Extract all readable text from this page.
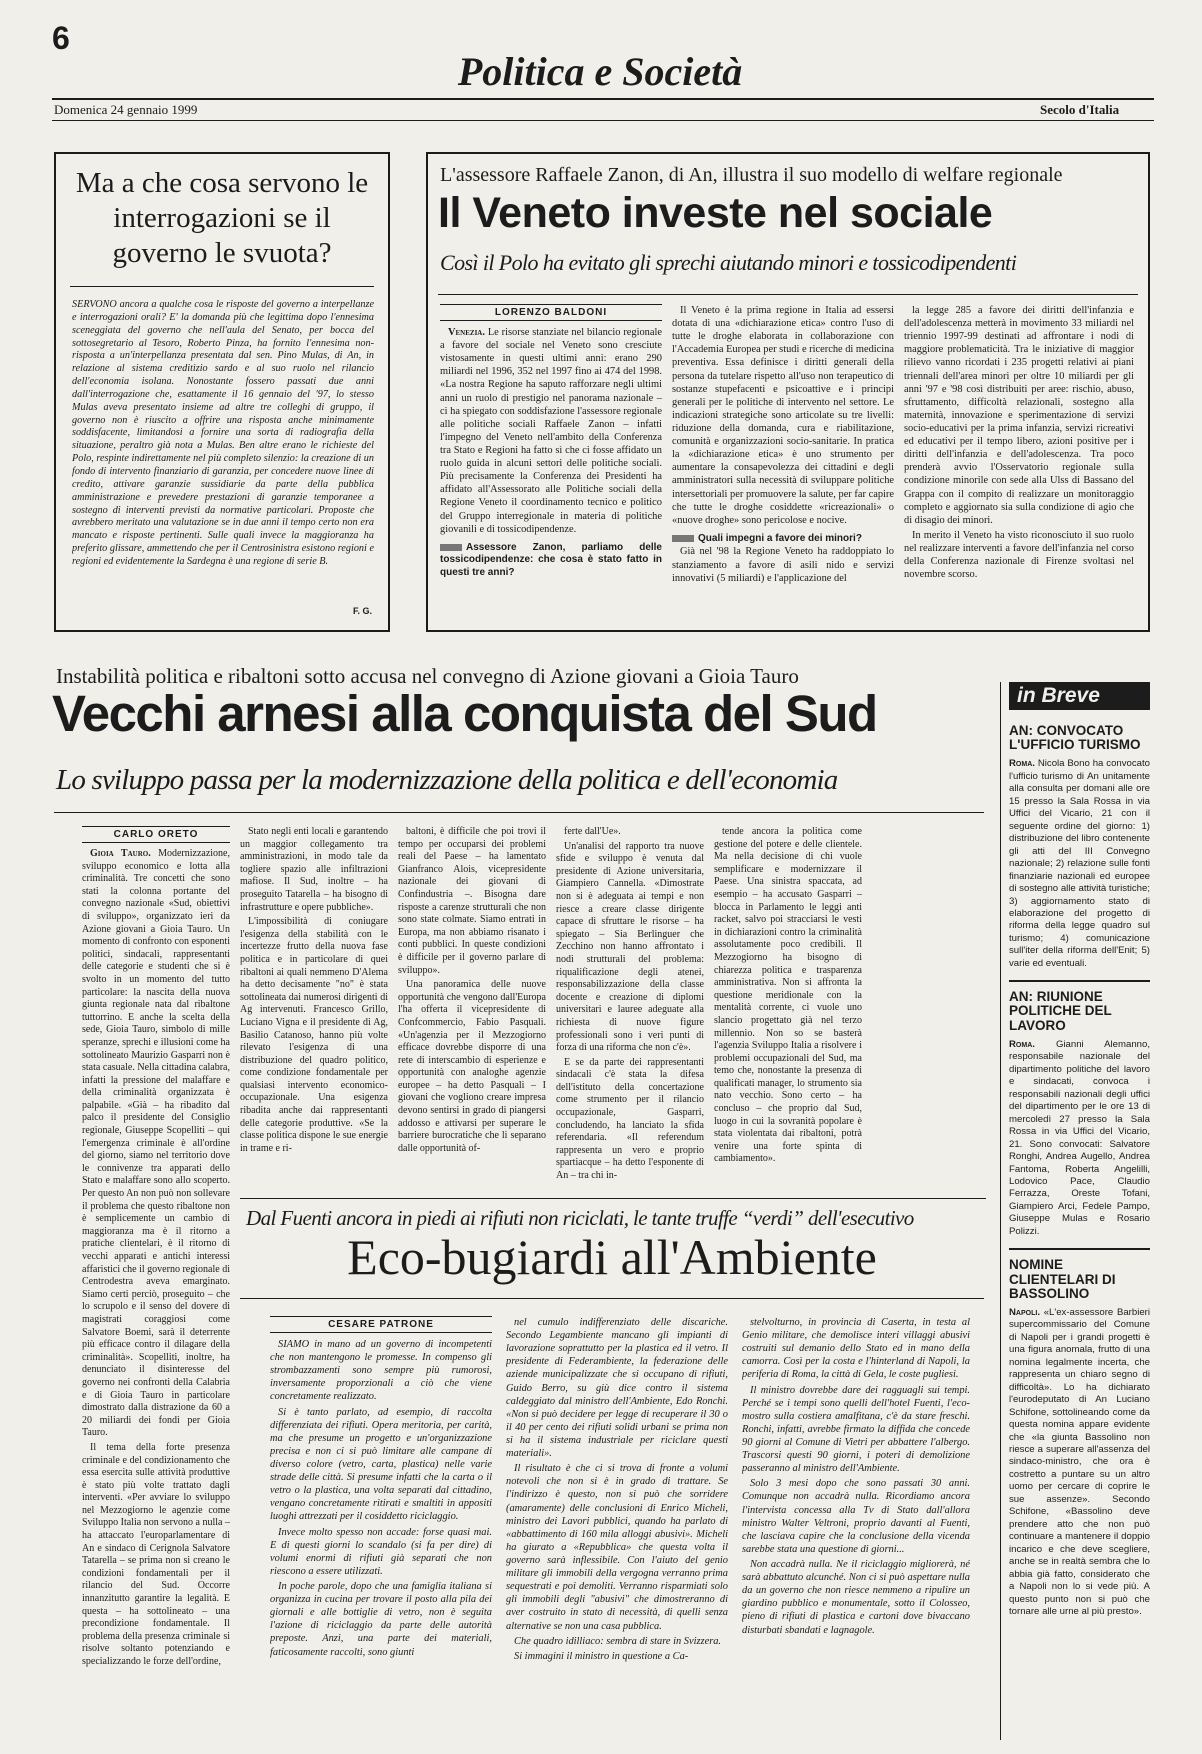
6
Politica e Società
Domenica 24 gennaio 1999	Secolo d'Italia
Ma a che cosa servono le interrogazioni se il governo le svuota?
SERVONO ancora a qualche cosa le risposte del governo a interpellanze e interrogazioni orali? E' la domanda più che legittima dopo l'ennesima sceneggiata del governo che nell'aula del Senato, per bocca del sottosegretario al Tesoro, Roberto Pinza, ha fornito l'ennesima non-risposta a un'interpellanza presentata dal sen. Pino Mulas, di An, in relazione al sistema creditizio sardo e al suo ruolo nel rilancio dell'economia isolana. Nonostante fossero passati due anni dall'interrogazione che, esattamente il 16 gennaio del '97, lo stesso Mulas aveva presentato insieme ad altre tre colleghi di gruppo, il governo non è riuscito a offrire una risposta anche minimamente soddisfacente, limitandosi a fornire una sorta di radiografia della situazione, peraltro già nota a Mulas. Ben altre erano le richieste del Polo, respinte indirettamente nel più completo silenzio: la creazione di un fondo di intervento finanziario di garanzia, per concedere nuove linee di credito, attivare garanzie sussidiarie da parte della pubblica amministrazione e prevedere prestazioni di garanzie temporanee a sostegno di interventi previsti da normative particolari. Proposte che avrebbero meritato una valutazione se in due anni il tempo certo non era mancato e risposte pertinenti. Sulle quali invece la maggioranza ha preferito glissare, ammettendo che per il Centrosinistra esistono regioni e regioni ed evidentemente la Sardegna è una regione di serie B.
F. G.
L'assessore Raffaele Zanon, di An, illustra il suo modello di welfare regionale
Il Veneto investe nel sociale
Così il Polo ha evitato gli sprechi aiutando minori e tossicodipendenti
LORENZO BALDONI

Venezia. Le risorse stanziate nel bilancio regionale a favore del sociale nel Veneto sono cresciute vistosamente in questi ultimi anni: erano 290 miliardi nel 1996, 352 nel 1997 fino ai 474 del 1998. «La nostra Regione ha saputo rafforzare negli ultimi anni un ruolo di prestigio nel panorama nazionale – ci ha spiegato con soddisfazione l'assessore regionale alle politiche sociali Raffaele Zanon – infatti l'impegno del Veneto nell'ambito della Conferenza tra Stato e Regioni ha fatto sì che ci fosse affidato un ruolo guida in alcuni settori delle politiche sociali. Più precisamente la Conferenza dei Presidenti ha affidato all'Assessorato alle Politiche sociali della Regione Veneto il coordinamento tecnico e politico del Gruppo interregionale in materia di politiche giovanili e di tossicodipendenze.

Assessore Zanon, parliamo delle tossicodipendenze: che cosa è stato fatto in questi tre anni?

Il Veneto è la prima regione in Italia ad essersi dotata di una «dichiarazione etica» contro l'uso di tutte le droghe elaborata in collaborazione con l'Accademia Europea per studi e ricerche di medicina preventiva. Essa definisce i diritti generali della persona da tutelare rispetto all'uso non terapeutico di sostanze stupefacenti e psicoattive e i principi generali per le politiche di intervento nel settore. Le indicazioni strategiche sono articolate su tre livelli: riduzione della domanda, cura e riabilitazione, comunità e organizzazioni socio-sanitarie. In pratica la «dichiarazione etica» è uno strumento per aumentare la consapevolezza dei cittadini e degli amministratori sulla necessità di sviluppare politiche intersettoriali per promuovere la salute, per far capire che tutte le droghe cosiddette «ricreazionali» o «nuove droghe» sono pericolose e nocive.

Quali impegni a favore dei minori?

Già nel '98 la Regione Veneto ha raddoppiato lo stanziamento a favore di asili nido e servizi innovativi (5 miliardi) e l'applicazione del

la legge 285 a favore dei diritti dell'infanzia e dell'adolescenza metterà in movimento 33 miliardi nel triennio 1997-99 destinati ad affrontare i nodi di maggiore problematicità. Tra le iniziative di maggior rilievo vanno ricordati i 235 progetti relativi ai piani triennali dell'area minori per oltre 10 miliardi per gli anni '97 e '98 così distribuiti per aree: rischio, abuso, sfruttamento, difficoltà relazionali, sostegno alla maternità, innovazione e sperimentazione di servizi socio-educativi per la prima infanzia, servizi ricreativi ed educativi per il tempo libero, azioni positive per i diritti dell'infanzia e dell'adolescenza. Tra poco prenderà avvio l'Osservatorio regionale sulla condizione minorile con sede alla Ulss di Bassano del Grappa con il compito di realizzare un monitoraggio completo e aggiornato sia sulla condizione di agio che di disagio dei minori.

In merito il Veneto ha visto riconosciuto il suo ruolo nel realizzare interventi a favore dell'infanzia nel corso della Conferenza nazionale di Firenze svoltasi nel novembre scorso.

Instabilità politica e ribaltoni sotto accusa nel convegno di Azione giovani a Gioia Tauro
Vecchi arnesi alla conquista del Sud
Lo sviluppo passa per la modernizzazione della politica e dell'economia
CARLO ORETO

Gioia Tauro. Modernizzazione, sviluppo economico e lotta alla criminalità. Tre concetti che sono stati la colonna portante del convegno nazionale «Sud, obiettivi di sviluppo», organizzato ieri da Azione giovani a Gioia Tauro. Un momento di confronto con esponenti politici, sindacali, rappresentanti delle categorie e studenti che si è svolto in un momento del tutto particolare: la nascita della nuova giunta regionale nata dal ribaltone tuttorrino. E anche la scelta della sede, Gioia Tauro, simbolo di mille speranze, sprechi e illusioni come ha sottolineato Maurizio Gasparri non è stata casuale. Nella cittadina calabra, infatti la pressione del malaffare e della criminalità organizzata è palpabile. «Già – ha ribadito dal palco il presidente del Consiglio regionale, Giuseppe Scopelliti – qui l'emergenza criminale è all'ordine del giorno, siamo nel territorio dove le connivenze tra apparati dello Stato e malaffare sono allo scoperto. Per questo An non può non sollevare il problema che questo ribaltone non è semplicemente un cambio di maggioranza ma è il ritorno a pratiche clientelari, è il ritorno di vecchi apparati e antichi interessi affaristici che il governo regionale di Centrodestra aveva emarginato. Siamo certi perciò, proseguito – che lo scrupolo e il senso del dovere di magistrati coraggiosi come Salvatore Boemi, sarà il deterrente più efficace contro il dilagare della criminalità». Scopelliti, inoltre, ha denunciato il disinteresse del governo nei confronti della Calabria e di Gioia Tauro in particolare dimostrato dalla distrazione da 60 a 20 miliardi dei fondi per Gioia Tauro.

Il tema della forte presenza criminale e del condizionamento che essa esercita sulle attività produttive è stato più volte trattato dagli interventi. «Per avviare lo sviluppo nel Mezzogiorno le agenzie come Sviluppo Italia non servono a nulla – ha attaccato l'europarlamentare di An e sindaco di Cerignola Salvatore Tatarella – se prima non si creano le condizioni fondamentali per il rilancio del Sud. Occorre innanzitutto garantire la legalità. E questa – ha sottolineato – una precondizione fondamentale. Il problema della presenza criminale si risolve soltanto potenziando e specializzando le forze dell'ordine,

Stato negli enti locali e garantendo un maggior collegamento tra amministrazioni, in modo tale da togliere spazio alle infiltrazioni mafiose. Il Sud, inoltre – ha proseguito Tatarella – ha bisogno di infrastrutture e opere pubbliche».

L'impossibilità di coniugare l'esigenza della stabilità con le incertezze frutto della nuova fase politica e in particolare di quei ribaltoni ai quali nemmeno D'Alema ha detto decisamente "no" è stata sottolineata dai numerosi dirigenti di Ag intervenuti. Francesco Grillo, Luciano Vigna e il presidente di Ag, Basilio Catanoso, hanno più volte rilevato l'esigenza di una distribuzione del quadro politico, come condizione fondamentale per qualsiasi intervento economico-occupazionale. Una esigenza ribadita anche dai rappresentanti delle categorie produttive. «Se la classe politica dispone le sue energie in trame e ri-

baltoni, è difficile che poi trovi il tempo per occuparsi dei problemi reali del Paese – ha lamentato Gianfranco Alois, vicepresidente nazionale dei giovani di Confindustria –. Bisogna dare risposte a carenze strutturali che non sono state colmate. Siamo entrati in Europa, ma non abbiamo risanato i conti pubblici. In queste condizioni è difficile per il governo parlare di sviluppo».

Una panoramica delle nuove opportunità che vengono dall'Europa l'ha offerta il vicepresidente di Confcommercio, Fabio Pasquali. «Un'agenzia per il Mezzogiorno efficace dovrebbe disporre di una rete di interscambio di esperienze e opportunità con analoghe agenzie europee – ha detto Pasquali – I giovani che vogliono creare impresa devono sentirsi in grado di piangersi addosso e attivarsi per superare le barriere burocratiche che li separano dalle opportunità of-

ferte dall'Ue».

Un'analisi del rapporto tra nuove sfide e sviluppo è venuta dal presidente di Azione universitaria, Giampiero Cannella. «Dimostrate non si è adeguata ai tempi e non riesce a creare classe dirigente capace di sfruttare le risorse – ha spiegato – Sia Berlinguer che Zecchino non hanno affrontato i nodi strutturali del problema: riqualificazione degli atenei, responsabilizzazione della classe docente e creazione di diplomi universitari e lauree adeguate alla richiesta di nuove figure professionali sono i veri punti di forza di una riforma che non c'è».

E se da parte dei rappresentanti sindacali c'è stata la difesa dell'istituto della concertazione come strumento per il rilancio occupazionale, Gasparri, concludendo, ha lanciato la sfida referendaria. «Il referendum rappresenta un vero e proprio spartiacque – ha detto l'esponente di An – tra chi in-

tende ancora la politica come gestione del potere e delle clientele. Ma nella decisione di chi vuole semplificare e modernizzare il Paese. Una sinistra spaccata, ad esempio – ha accusato Gasparri – blocca in Parlamento le leggi anti racket, salvo poi stracciarsi le vesti in dichiarazioni contro la criminalità assolutamente poco credibili. Il Mezzogiorno ha bisogno di chiarezza politica e trasparenza amministrativa. Non si affronta la questione meridionale con la mentalità corrente, ci vuole uno slancio progettato già nel terzo millennio. Non so se basterà l'agenzia Sviluppo Italia a risolvere i problemi occupazionali del Sud, ma temo che, nonostante la presenza di qualificati manager, lo strumento sia nato vecchio. Sono certo – ha concluso – che proprio dal Sud, luogo in cui la sovranità popolare è stata violentata dai ribaltoni, potrà venire una forte spinta di cambiamento».

Dal Fuenti ancora in piedi ai rifiuti non riciclati, le tante truffe “verdi” dell'esecutivo
Eco-bugiardi all'Ambiente
CESARE PATRONE

SIAMO in mano ad un governo di incompetenti che non mantengono le promesse. In compenso gli strombazzamenti sono sempre più rumorosi, inversamente proporzionali a ciò che viene concretamente realizzato.

Si è tanto parlato, ad esempio, di raccolta differenziata dei rifiuti. Opera meritoria, per carità, ma che presume un progetto e un'organizzazione precisa e non ci si può limitare alle campane di diverso colore (vetro, carta, plastica) nelle varie strade delle città. Si presume infatti che la carta o il vetro o la plastica, una volta separati dal cittadino, vengano concretamente ritirati e smaltiti in appositi luoghi attrezzati per il cosiddetto riciclaggio.

Invece molto spesso non accade: forse quasi mai. E di questi giorni lo scandalo (si fa per dire) di volumi enormi di rifiuti già separati che non riescono a essere utilizzati.

In poche parole, dopo che una famiglia italiana si organizza in cucina per trovare il posto alla pila dei giornali e alle bottiglie di vetro, non è seguita l'azione di riciclaggio da parte delle autorità preposte. Anzi, una parte dei materiali, faticosamente raccolti, sono giunti

nel cumulo indifferenziato delle discariche. Secondo Legambiente mancano gli impianti di lavorazione soprattutto per la plastica ed il vetro. Il presidente di Federambiente, la federazione delle aziende municipalizzate che si occupano di rifiuti, Guido Berro, su giù dice contro il sistema caldeggiato dal ministro dell'Ambiente, Edo Ronchi. «Non si può decidere per legge di recuperare il 30 o il 40 per cento dei rifiuti solidi urbani se prima non si ha il sistema industriale per riciclare questi materiali».

Il risultato è che ci si trova di fronte a volumi notevoli che non si è in grado di trattare. Se l'indirizzo è questo, non si può che sorridere (amaramente) delle conclusioni di Enrico Micheli, ministro dei Lavori pubblici, quando ha parlato di «abbattimento di 160 mila alloggi abusivi». Micheli ha giurato a «Repubblica» che questa volta il governo sarà inflessibile. Con l'aiuto del genio militare gli immobili della vergogna verranno prima sequestrati e poi demoliti. Verranno risparmiati solo gli immobili degli "abusivi" che dimostreranno di aver costruito in stato di necessità, di quelli senza alternative se non una casa pubblica.

Che quadro idilliaco: sembra di stare in Svizzera.

Si immagini il ministro in questione a Ca-

stelvolturno, in provincia di Caserta, in testa al Genio militare, che demolisce interi villaggi abusivi costruiti sul demanio dello Stato ed in mano della camorra. Così per la costa e l'hinterland di Napoli, la periferia di Roma, la città di Gela, le coste pugliesi.

Il ministro dovrebbe dare dei ragguagli sui tempi. Perché se i tempi sono quelli dell'hotel Fuenti, l'eco-mostro sulla costiera amalfitana, c'è da stare freschi. Ronchi, infatti, avrebbe firmato la diffida che concede 90 giorni al Comune di Vietri per abbattere l'albergo. Trascorsi questi 90 giorni, i poteri di demolizione passeranno al ministro dell'Ambiente.

Solo 3 mesi dopo che sono passati 30 anni. Comunque non accadrà nulla. Ricordiamo ancora l'intervista concessa alla Tv di Stato dall'allora ministro Walter Veltroni, proprio davanti al Fuenti, che lasciava capire che la conclusione della vicenda sarebbe stata una questione di giorni...

Non accadrà nulla. Ne il riciclaggio migliorerà, né sarà abbattuto alcunché. Non ci si può aspettare nulla da un governo che non riesce nemmeno a ripulire un giardino pubblico e monumentale, sotto il Colosseo, pieno di rifiuti di plastica e cartoni dove bivaccano disturbati sbandati e lagnagole.

in Breve
AN: CONVOCATO L'UFFICIO TURISMO
Roma. Nicola Bono ha convocato l'ufficio turismo di An unitamente alla consulta per domani alle ore 15 presso la Sala Rossa in via Uffici del Vicario, 21 con il seguente ordine del giorno: 1) distribuzione del libro contenente gli atti del III Convegno nazionale; 2) relazione sulle fonti finanziarie nazionali ed europee di sostegno alle attività turistiche; 3) aggiornamento stato di elaborazione del progetto di riforma della legge quadro sul turismo; 4) comunicazione sull'iter della riforma dell'Enit; 5) varie ed eventuali.
AN: RIUNIONE POLITICHE DEL LAVORO
Roma. Gianni Alemanno, responsabile nazionale del dipartimento politiche del lavoro e sindacati, convoca i responsabili nazionali degli uffici del dipartimento per le ore 13 di mercoledì 27 presso la Sala Rossa in via Uffici del Vicario, 21. Sono convocati: Salvatore Ronghi, Andrea Augello, Andrea Fantoma, Roberta Angelilli, Lodovico Pace, Claudio Ferrazza, Oreste Tofani, Giampiero Arci, Fedele Pampo, Giuseppe Mulas e Rosario Polizzi.
NOMINE CLIENTELARI DI BASSOLINO
Napoli. «L'ex-assessore Barbieri supercommissario del Comune di Napoli per i grandi progetti è una figura anomala, frutto di una nomina legalmente incerta, che rappresenta un chiaro segno di difficoltà». Lo ha dichiarato l'eurodeputato di An Luciano Schifone, sottolineando come da questa nomina appare evidente che «la giunta Bassolino non riesce a superare all'assenza del sindaco-ministro, che ora è costretto a puntare su un altro uomo per cercare di coprire le sue assenze». Secondo Schifone, «Bassolino deve prendere atto che non può continuare a mantenere il doppio incarico e che deve scegliere, anche se in realtà sembra che lo abbia già fatto, considerato che a Napoli non lo si vede più. A questo punto non si può che tornare alle urne al più presto».
